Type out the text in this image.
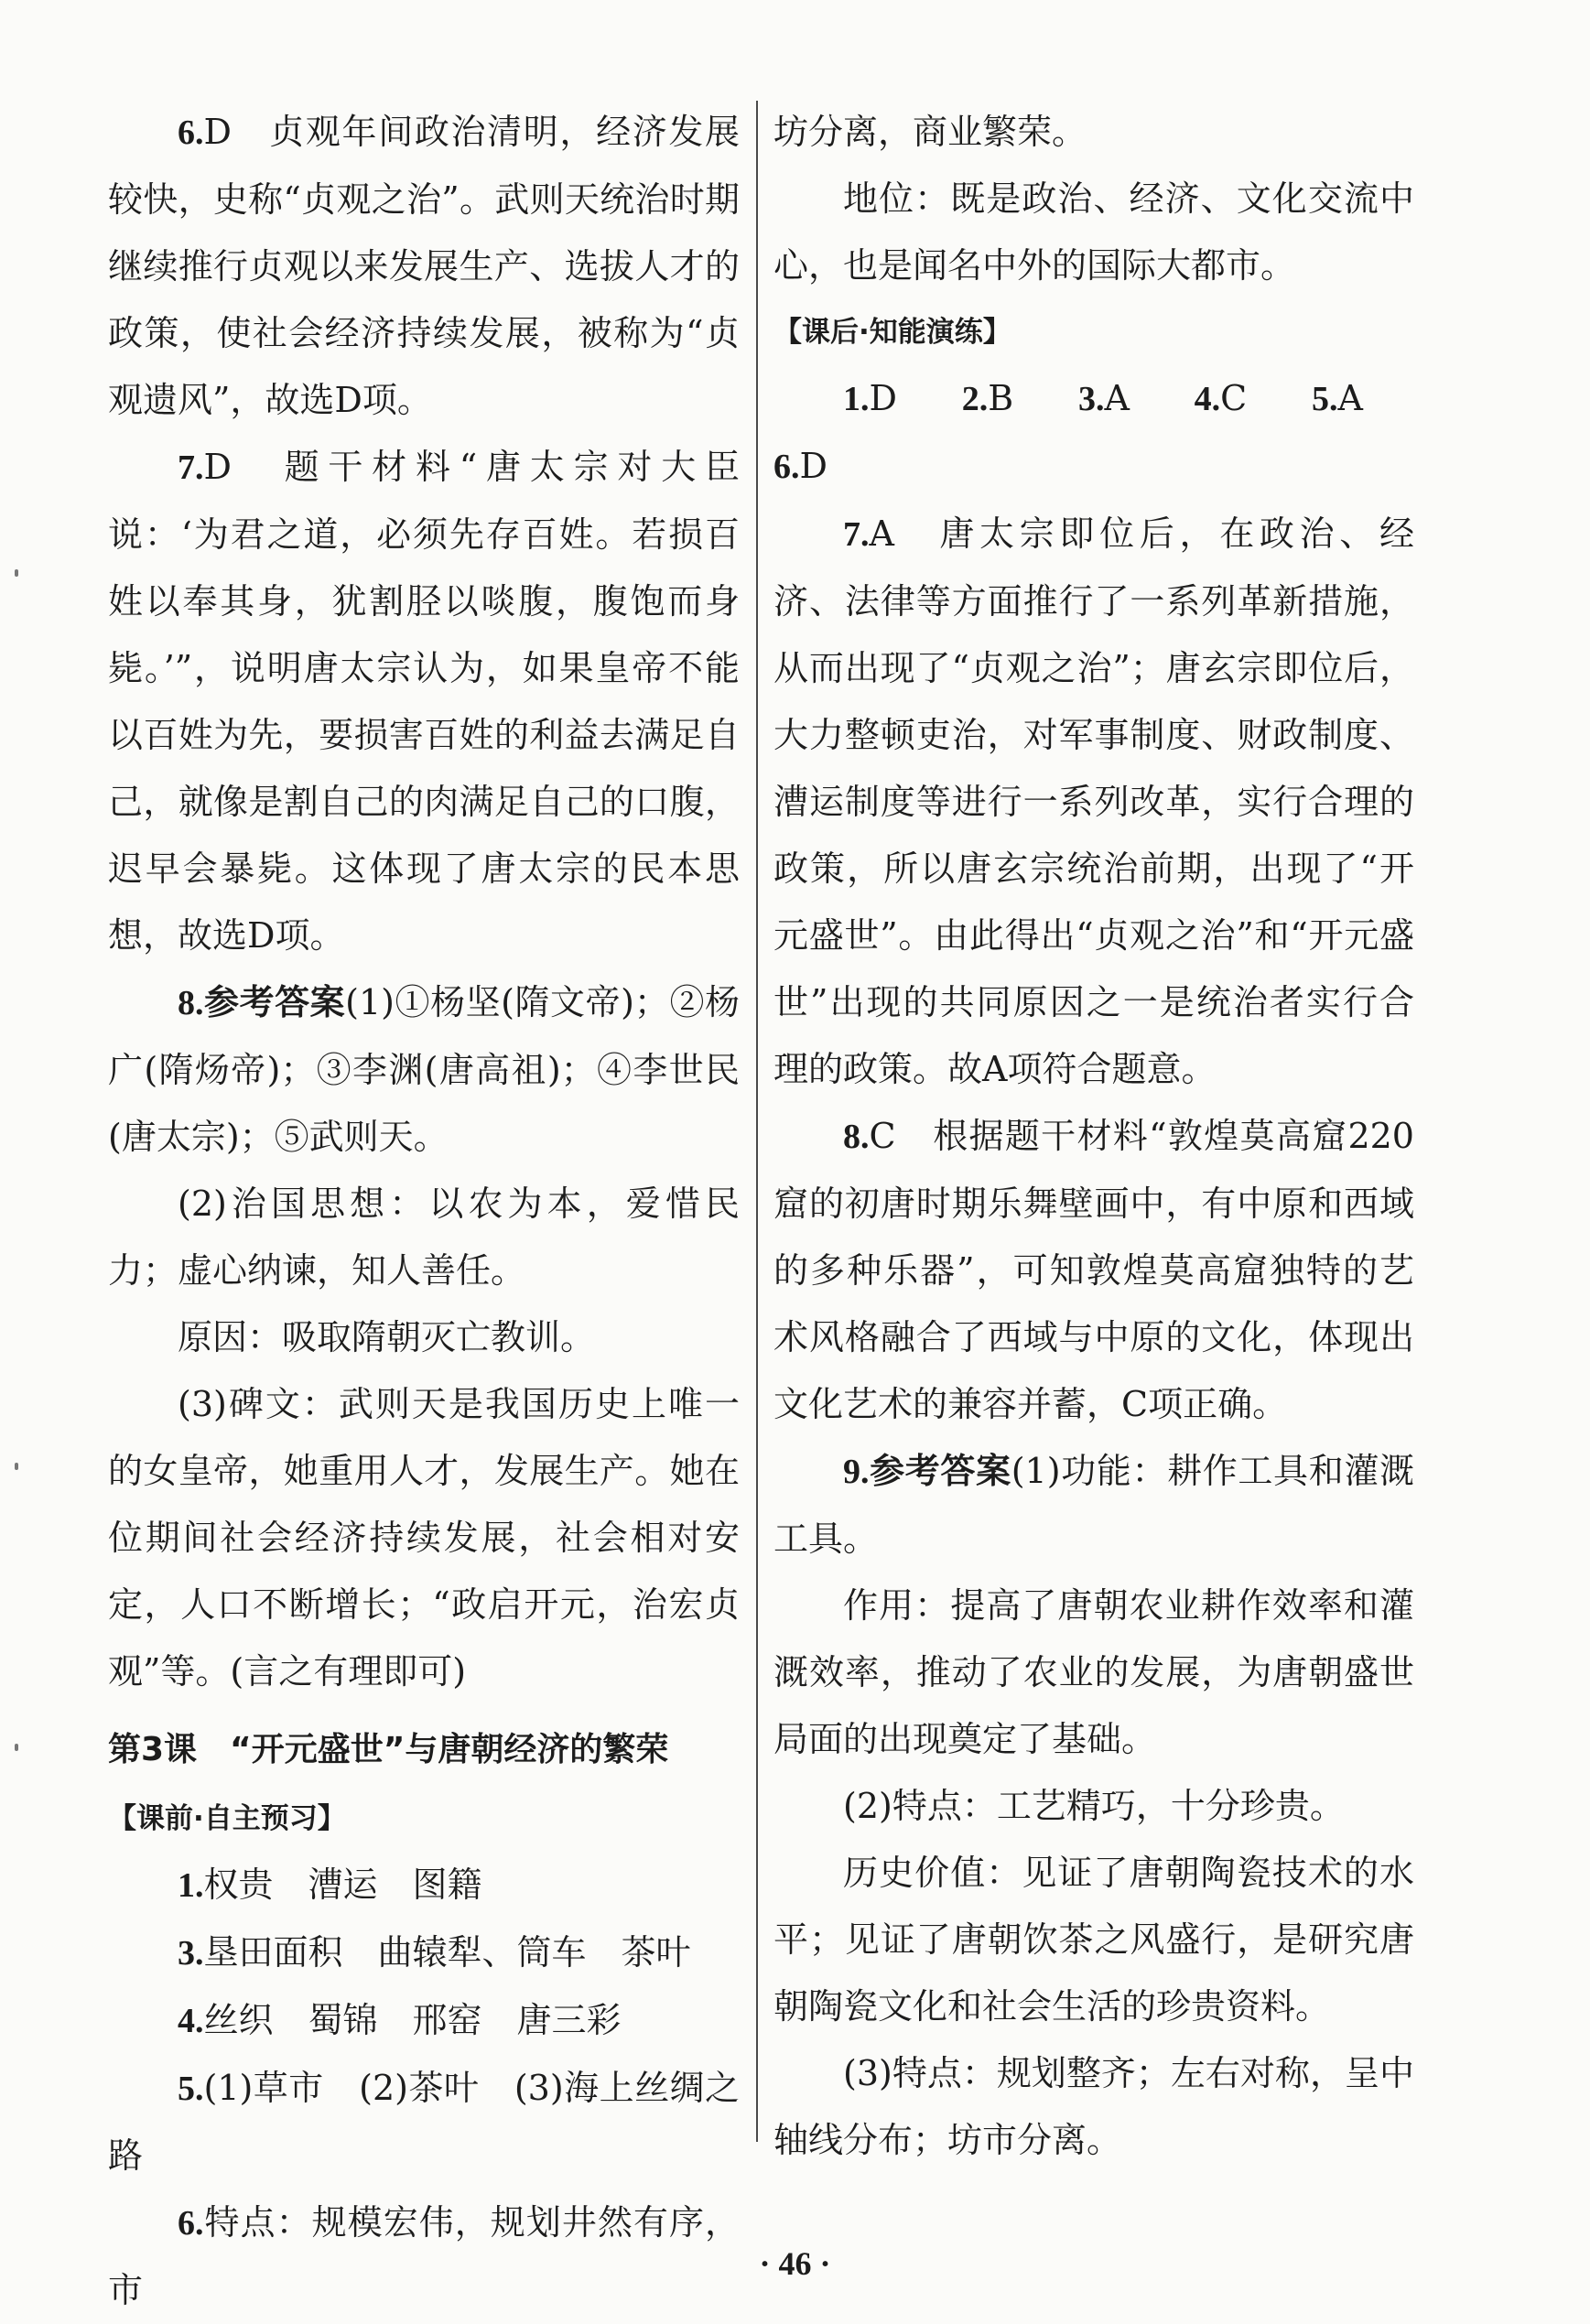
6.D　贞观年间政治清明，经济发展较快，史称“贞观之治”。武则天统治时期继续推行贞观以来发展生产、选拔人才的政策，使社会经济持续发展，被称为“贞观遗风”，故选D项。

7.D　题干材料“唐太宗对大臣说：‘为君之道，必须先存百姓。若损百姓以奉其身，犹割胫以啖腹，腹饱而身毙。’”，说明唐太宗认为，如果皇帝不能以百姓为先，要损害百姓的利益去满足自己，就像是割自己的肉满足自己的口腹，迟早会暴毙。这体现了唐太宗的民本思想，故选D项。

8.参考答案(1)①杨坚(隋文帝)；②杨广(隋炀帝)；③李渊(唐高祖)；④李世民(唐太宗)；⑤武则天。

(2)治国思想：以农为本，爱惜民力；虚心纳谏，知人善任。

原因：吸取隋朝灭亡教训。

(3)碑文：武则天是我国历史上唯一的女皇帝，她重用人才，发展生产。她在位期间社会经济持续发展，社会相对安定，人口不断增长；“政启开元，治宏贞观”等。(言之有理即可)

第3课　“开元盛世”与唐朝经济的繁荣
【课前·自主预习】

1.权贵　漕运　图籍

3.垦田面积　曲辕犁、筒车　茶叶

4.丝织　蜀锦　邢窑　唐三彩

5.(1)草市　(2)茶叶　(3)海上丝绸之路

6.特点：规模宏伟，规划井然有序，市

坊分离，商业繁荣。

地位：既是政治、经济、文化交流中心，也是闻名中外的国际大都市。

【课后·知能演练】

1.D 2.B 3.A 4.C 5.A 6.D

7.A　唐太宗即位后，在政治、经济、法律等方面推行了一系列革新措施，从而出现了“贞观之治”；唐玄宗即位后，大力整顿吏治，对军事制度、财政制度、漕运制度等进行一系列改革，实行合理的政策，所以唐玄宗统治前期，出现了“开元盛世”。由此得出“贞观之治”和“开元盛世”出现的共同原因之一是统治者实行合理的政策。故A项符合题意。

8.C　根据题干材料“敦煌莫高窟220窟的初唐时期乐舞壁画中，有中原和西域的多种乐器”，可知敦煌莫高窟独特的艺术风格融合了西域与中原的文化，体现出文化艺术的兼容并蓄，C项正确。

9.参考答案(1)功能：耕作工具和灌溉工具。

作用：提高了唐朝农业耕作效率和灌溉效率，推动了农业的发展，为唐朝盛世局面的出现奠定了基础。

(2)特点：工艺精巧，十分珍贵。

历史价值：见证了唐朝陶瓷技术的水平；见证了唐朝饮茶之风盛行，是研究唐朝陶瓷文化和社会生活的珍贵资料。

(3)特点：规划整齐；左右对称，呈中轴线分布；坊市分离。

· 46 ·
